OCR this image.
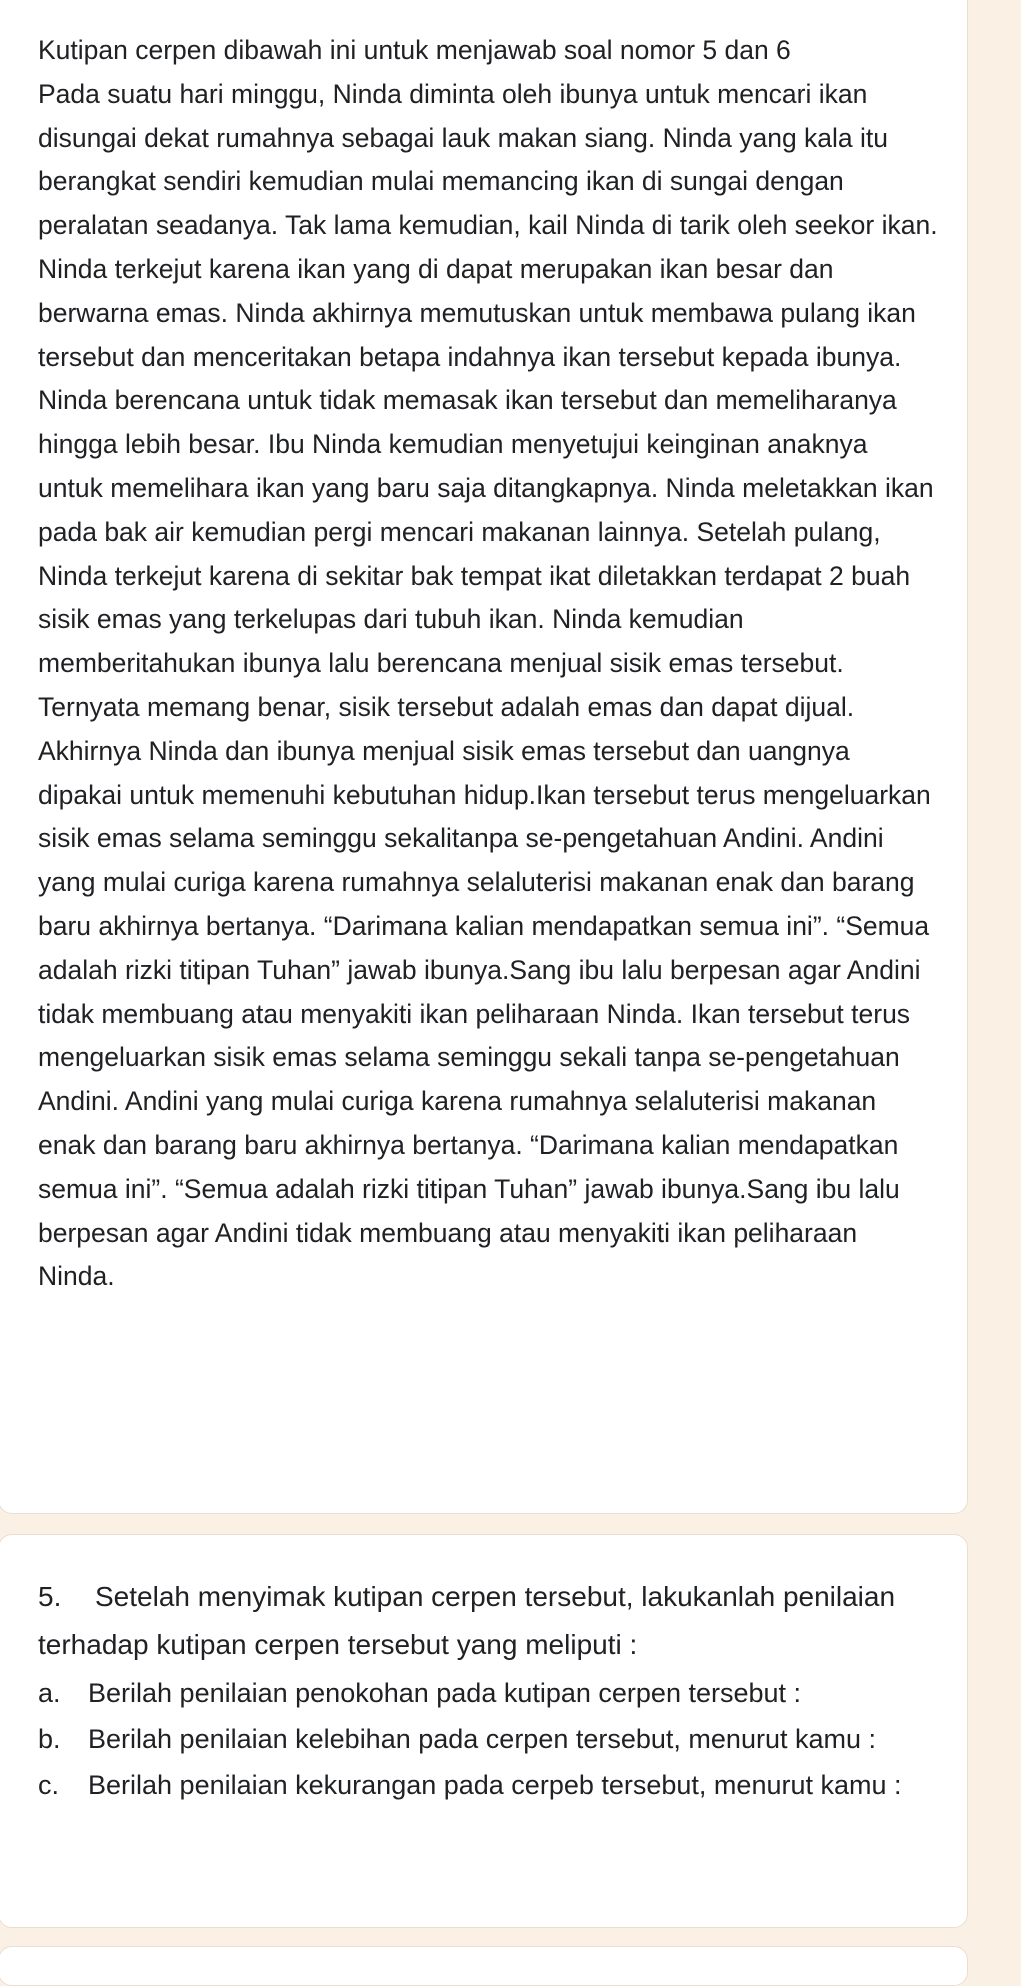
Kutipan cerpen dibawah ini untuk menjawab soal nomor 5 dan 6

Pada suatu hari minggu, Ninda diminta oleh ibunya untuk mencari ikan disungai dekat rumahnya sebagai lauk makan siang. Ninda yang kala itu berangkat sendiri kemudian mulai memancing ikan di sungai dengan peralatan seadanya. Tak lama kemudian, kail Ninda di tarik oleh seekor ikan. Ninda terkejut karena ikan yang di dapat merupakan ikan besar dan berwarna emas. Ninda akhirnya memutuskan untuk membawa pulang ikan tersebut dan menceritakan betapa indahnya ikan tersebut kepada ibunya. Ninda berencana untuk tidak memasak ikan tersebut dan memeliharanya hingga lebih besar. Ibu Ninda kemudian menyetujui keinginan anaknya untuk memelihara ikan yang baru saja ditangkapnya. Ninda meletakkan ikan pada bak air kemudian pergi mencari makanan lainnya. Setelah pulang, Ninda terkejut karena di sekitar bak tempat ikat diletakkan terdapat 2 buah sisik emas yang terkelupas dari tubuh ikan. Ninda kemudian memberitahukan ibunya lalu berencana menjual sisik emas tersebut. Ternyata memang benar, sisik tersebut adalah emas dan dapat dijual. Akhirnya Ninda dan ibunya menjual sisik emas tersebut dan uangnya dipakai untuk memenuhi kebutuhan hidup.Ikan tersebut terus mengeluarkan sisik emas selama seminggu sekalitanpa se-pengetahuan Andini. Andini yang mulai curiga karena rumahnya selaluterisi makanan enak dan barang baru akhirnya bertanya. “Darimana kalian mendapatkan semua ini”. “Semua adalah rizki titipan Tuhan” jawab ibunya.Sang ibu lalu berpesan agar Andini tidak membuang atau menyakiti ikan peliharaan Ninda. Ikan tersebut terus mengeluarkan sisik emas selama seminggu sekali tanpa se-pengetahuan Andini. Andini yang mulai curiga karena rumahnya selaluterisi makanan enak dan barang baru akhirnya bertanya. “Darimana kalian mendapatkan semua ini”. “Semua adalah rizki titipan Tuhan” jawab ibunya.Sang ibu lalu berpesan agar Andini tidak membuang atau menyakiti ikan peliharaan Ninda.

5. Setelah menyimak kutipan cerpen tersebut, lakukanlah penilaian terhadap kutipan cerpen tersebut yang meliputi :

a. Berilah penilaian penokohan pada kutipan cerpen tersebut :

b. Berilah penilaian kelebihan pada cerpen tersebut, menurut kamu :

c. Berilah penilaian kekurangan pada cerpeb tersebut, menurut kamu :
